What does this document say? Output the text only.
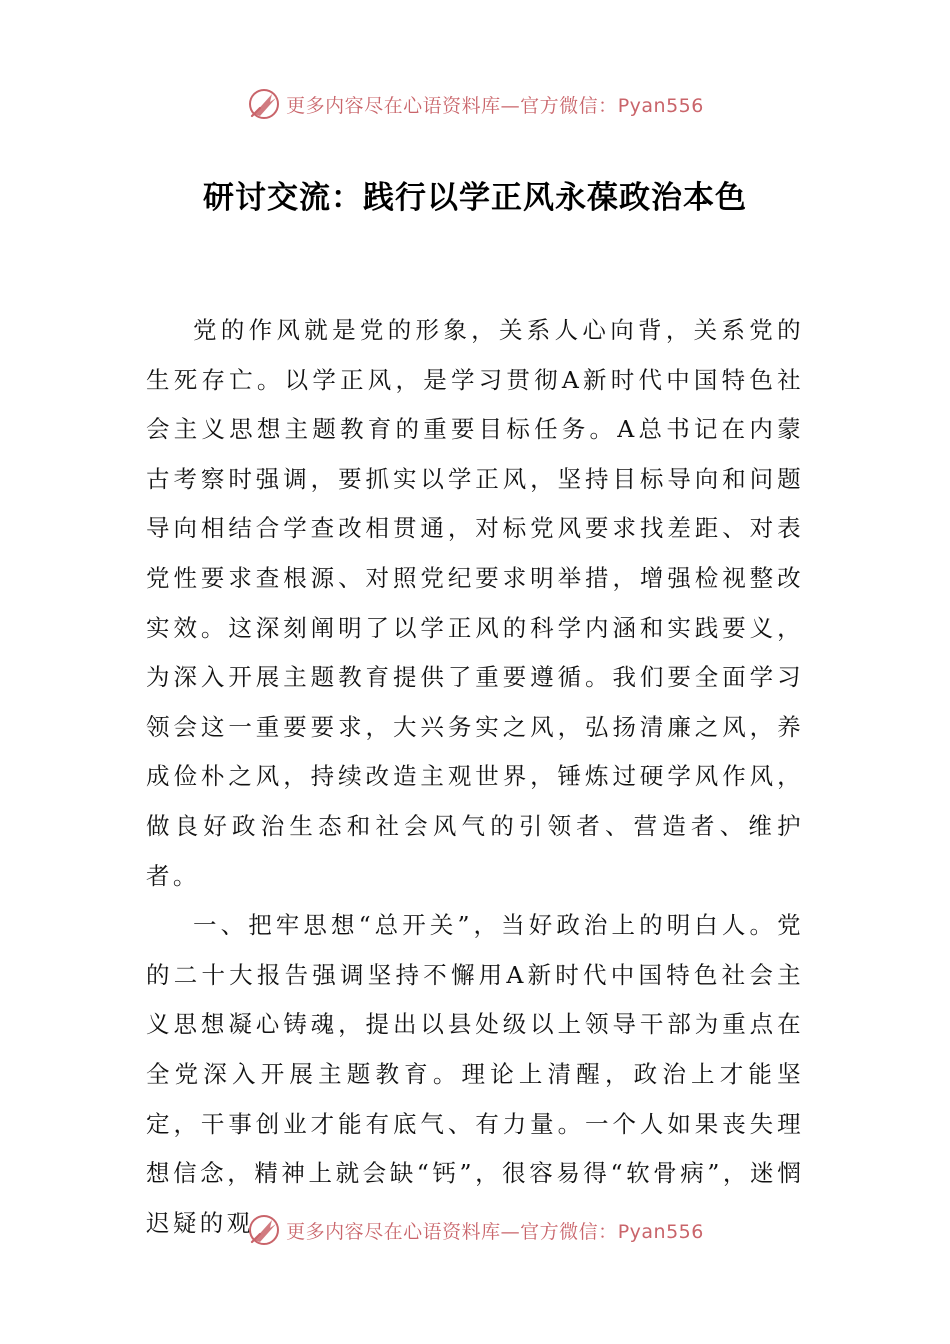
更多内容尽在心语资料库—官方微信：Pyan556
研讨交流：践行以学正风永葆政治本色

党的作风就是党的形象，关系人心向背，关系党的生死存亡。以学正风，是学习贯彻A新时代中国特色社会主义思想主题教育的重要目标任务。A总书记在内蒙古考察时强调，要抓实以学正风，坚持目标导向和问题导向相结合学查改相贯通，对标党风要求找差距、对表党性要求查根源、对照党纪要求明举措，增强检视整改实效。这深刻阐明了以学正风的科学内涵和实践要义，为深入开展主题教育提供了重要遵循。我们要全面学习领会这一重要要求，大兴务实之风，弘扬清廉之风，养成俭朴之风，持续改造主观世界，锤炼过硬学风作风，做良好政治生态和社会风气的引领者、营造者、维护者。

一、把牢思想“总开关”，当好政治上的明白人。党的二十大报告强调坚持不懈用A新时代中国特色社会主义思想凝心铸魂，提出以县处级以上领导干部为重点在全党深入开展主题教育。理论上清醒，政治上才能坚定，干事创业才能有底气、有力量。一个人如果丧失理想信念，精神上就会缺“钙”，很容易得“软骨病”，迷惘迟疑的观	更多内容尽在心语资料库—官方微信：Pyan556
